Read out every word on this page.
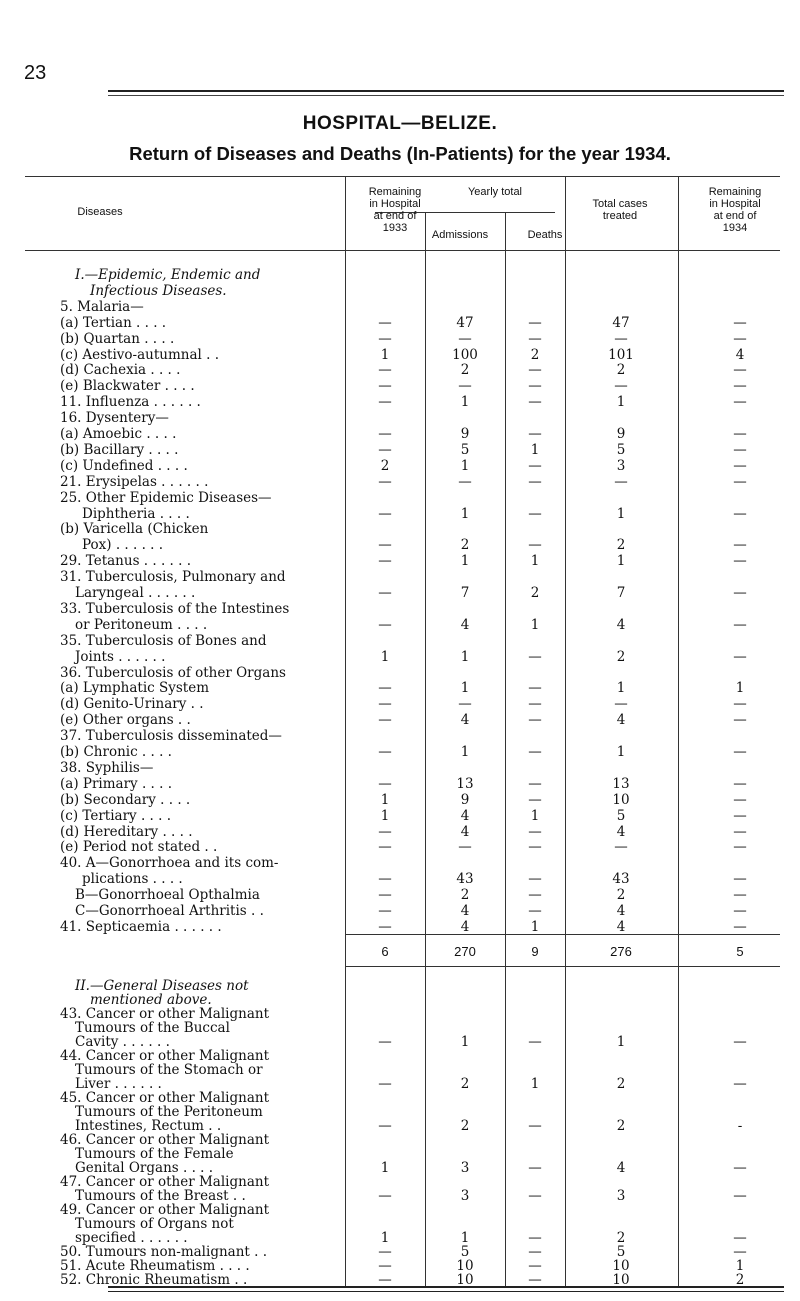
23
HOSPITAL—BELIZE.
Return of Diseases and Deaths (In-Patients) for the year 1934.
Diseases
Remaining
in Hospital
at end of
1933
Yearly total
Admissions	Deaths
Total cases
treated
Remaining
in Hospital
at end of
1934
I.—Epidemic, Endemic and
Infectious Diseases.
5. Malaria—
(a) Tertian . . . .	—	47	—	47	—
(b) Quartan . . . .	—	—	—	—	—
(c) Aestivo-autumnal . .	1	100	2	101	4
(d) Cachexia . . . .	—	2	—	2	—
(e) Blackwater . . . .	—	—	—	—	—
11. Influenza . . . . . .	—	1	—	1	—
16. Dysentery—
(a) Amoebic . . . .	—	9	—	9	—
(b) Bacillary . . . .	—	5	1	5	—
(c) Undefined . . . .	2	1	—	3	—
21. Erysipelas . . . . . .	—	—	—	—	—
25. Other Epidemic Diseases—
Diphtheria . . . .	—	1	—	1	—
(b) Varicella (Chicken
Pox) . . . . . .	—	2	—	2	—
29. Tetanus . . . . . .	—	1	1	1	—
31. Tuberculosis, Pulmonary and
Laryngeal . . . . . .	—	7	2	7	—
33. Tuberculosis of the Intestines
or Peritoneum . . . .	—	4	1	4	—
35. Tuberculosis of Bones and
Joints . . . . . .	1	1	—	2	—
36. Tuberculosis of other Organs
(a) Lymphatic System	—	1	—	1	1
(d) Genito-Urinary . .	—	—	—	—	—
(e) Other organs . .	—	4	—	4	—
37. Tuberculosis disseminated—
(b) Chronic . . . .	—	1	—	1	—
38. Syphilis—
(a) Primary . . . .	—	13	—	13	—
(b) Secondary . . . .	1	9	—	10	—
(c) Tertiary . . . .	1	4	1	5	—
(d) Hereditary . . . .	—	4	—	4	—
(e) Period not stated . .	—	—	—	—	—
40. A—Gonorrhoea and its com-
plications . . . .	—	43	—	43	—
B—Gonorrhoeal Opthalmia	—	2	—	2	—
C—Gonorrhoeal Arthritis . .	—	4	—	4	—
41. Septicaemia . . . . . .	—	4	1	4	—
6	270	9	276	5
II.—General Diseases not
mentioned above.
43. Cancer or other Malignant
Tumours of the Buccal
Cavity . . . . . .	—	1	—	1	—
44. Cancer or other Malignant
Tumours of the Stomach or
Liver . . . . . .	—	2	1	2	—
45. Cancer or other Malignant
Tumours of the Peritoneum
Intestines, Rectum . .	—	2	—	2	-
46. Cancer or other Malignant
Tumours of the Female
Genital Organs . . . .	1	3	—	4	—
47. Cancer or other Malignant
Tumours of the Breast . .	—	3	—	3	—
49. Cancer or other Malignant
Tumours of Organs not
specified . . . . . .	1	1	—	2	—
50. Tumours non-malignant . .	—	5	—	5	—
51. Acute Rheumatism . . . .	—	10	—	10	1
52. Chronic Rheumatism . .	—	10	—	10	2
